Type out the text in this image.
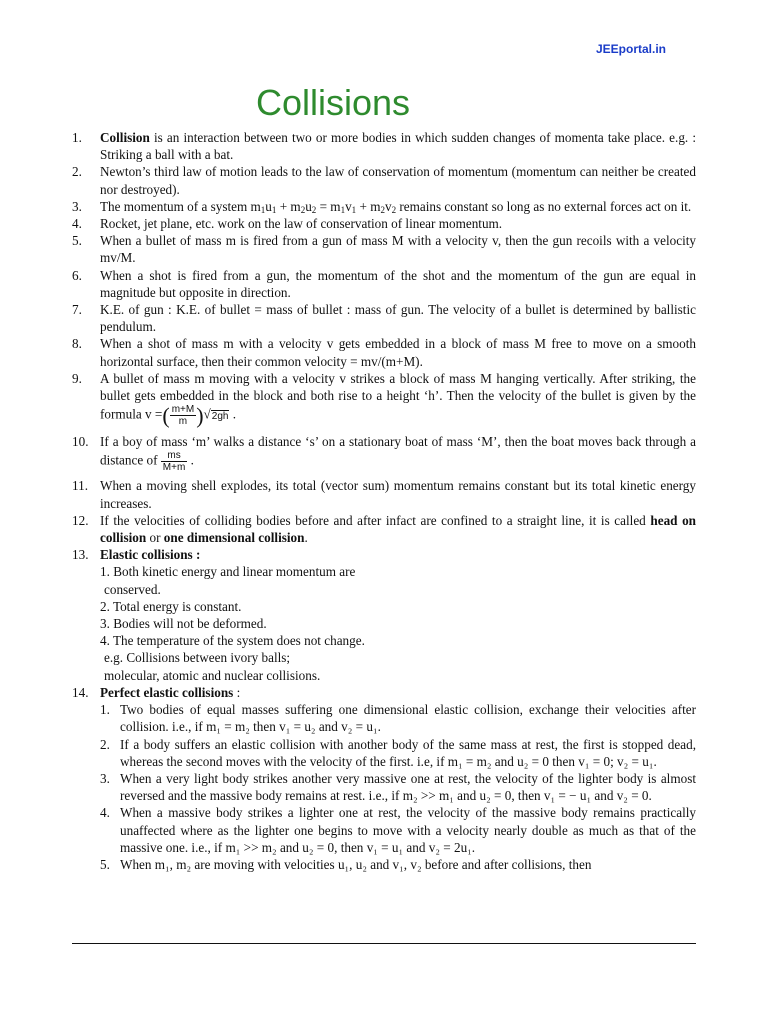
JEEportal.in
Collisions
1.	Collision is an interaction between two or more bodies in which sudden changes of momenta take place. e.g. : Striking a ball with a bat.
2.	Newton’s third law of motion leads to the law of conservation of momentum (momentum can neither be created nor destroyed).
3.	The momentum of a system $m_1u_1 + m_2u_2 = m_1v_1 + m_2v_2$ remains constant so long as no external forces act on it.
4.	Rocket, jet plane, etc. work on the law of conservation of linear momentum.
5.	When a bullet of mass m is fired from a gun of mass M with a velocity v, then the gun recoils with a velocity mv/M.
6.	When a shot is fired from a gun, the momentum of the shot and the momentum of the gun are equal in magnitude but opposite in direction.
7.	K.E. of gun : K.E. of bullet = mass of bullet : mass of gun. The velocity of a bullet is determined by ballistic pendulum.
8.	When a shot of mass m with a velocity v gets embedded in a block of mass M free to move on a smooth horizontal surface, then their common velocity = mv/(m+M).
9.	A bullet of mass m moving with a velocity v strikes a block of mass M hanging vertically. After striking, the bullet gets embedded in the block and both rise to a height ‘h’. Then the velocity of the bullet is given by the formula v =( $\frac{m+M}{m} )√2gh$ .
10. If a boy of mass ‘m’ walks a distance ‘s’ on a stationary boat of mass ‘M’, then the boat moves back through a distance of $\frac{ms}{M+m}$ .
11. When a moving shell explodes, its total (vector sum) momentum remains constant but its total kinetic energy increases.
12. If the velocities of colliding bodies before and after infact are confined to a straight line, it is called head on collision or one dimensional collision.
13. Elastic collisions :
1. Both kinetic energy and linear momentum are
conserved.
2. Total energy is constant.
3. Bodies will not be deformed.
4. The temperature of the system does not change.
e.g. Collisions between ivory balls;
molecular, atomic and nuclear collisions.
14. Perfect elastic collisions :
1. Two bodies of equal masses suffering one dimensional elastic collision, exchange their velocities after collision. i.e., if m₁ = m₂ then v₁ = u₂ and v₂ = u₁.
2. If a body suffers an elastic collision with another body of the same mass at rest, the first is stopped dead, whereas the second moves with the velocity of the first. i.e, if m₁ = m₂ and u₂ = 0 then v₁ = 0; v₂ = u₁.
3. When a very light body strikes another very massive one at rest, the velocity of the lighter body is almost reversed and the massive body remains at rest. i.e., if m₂ >> m₁ and u₂ = 0, then v₁ = − u₁ and v₂ = 0.
4. When a massive body strikes a lighter one at rest, the velocity of the massive body remains practically unaffected where as the lighter one begins to move with a velocity nearly double as much as that of the massive one. i.e., if m₁ >> m₂ and u₂ = 0, then v₁ = u₁ and v₂ = 2u₁.
5. When m₁, m₂ are moving with velocities u₁, u₂ and v₁, v₂ before and after collisions, then
